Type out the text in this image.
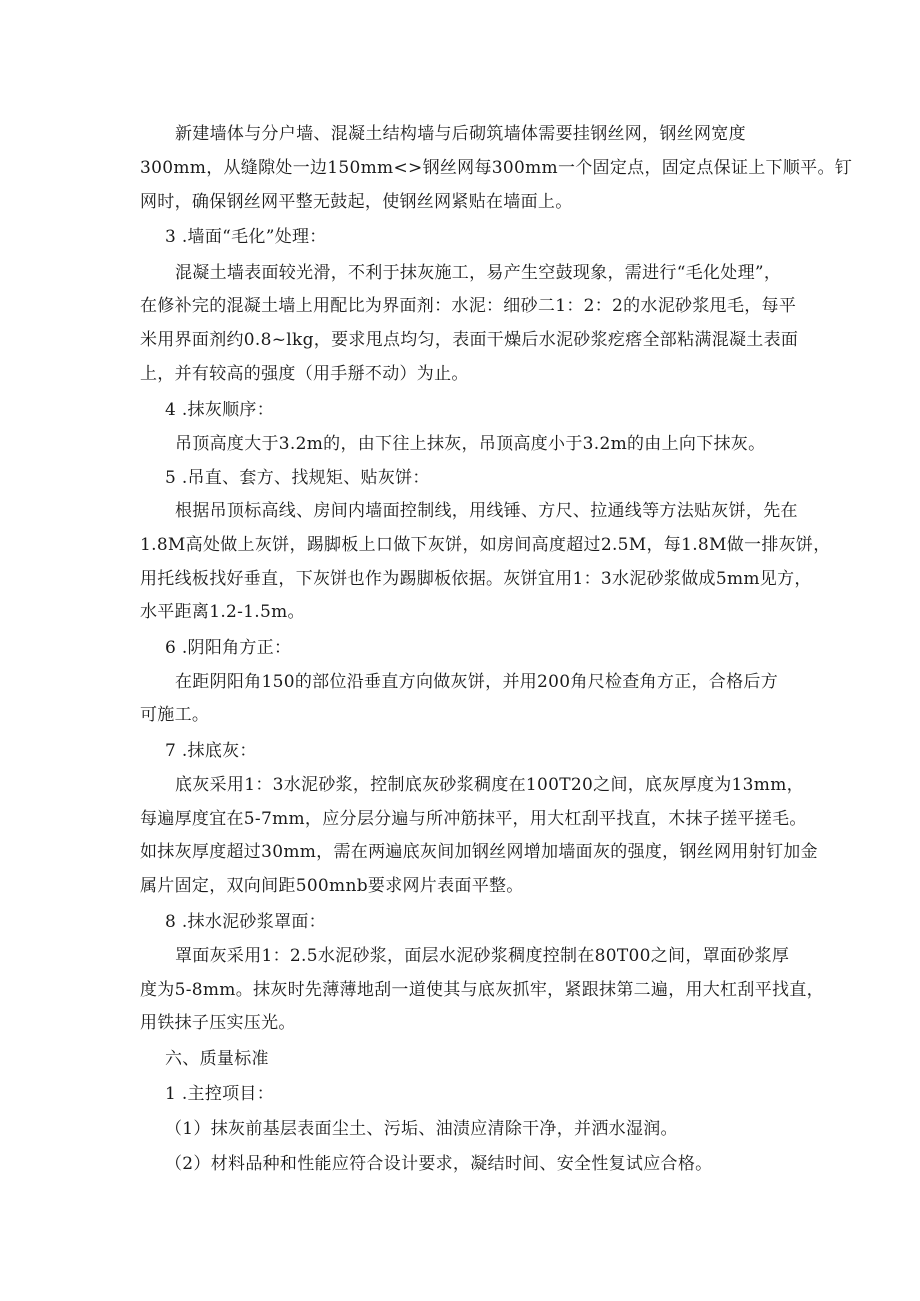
新建墙体与分户墙、混凝土结构墙与后砌筑墙体需要挂钢丝网，钢丝网宽度
300mm，从缝隙处一边150mm<>钢丝网每300mm一个固定点，固定点保证上下顺平。钉
网时，确保钢丝网平整无鼓起，使钢丝网紧贴在墙面上。
3 .墙面“毛化”处理：
混凝土墙表面较光滑，不利于抹灰施工，易产生空鼓现象，需进行“毛化处理”，
在修补完的混凝土墙上用配比为界面剂：水泥：细砂二1：2：2的水泥砂浆甩毛，每平
米用界面剂约0.8~lkg，要求甩点均匀，表面干燥后水泥砂浆疙瘩全部粘满混凝土表面
上，并有较高的强度（用手掰不动）为止。
4 .抹灰顺序：
吊顶高度大于3.2m的，由下往上抹灰，吊顶高度小于3.2m的由上向下抹灰。
5 .吊直、套方、找规矩、贴灰饼：
根据吊顶标高线、房间内墙面控制线，用线锤、方尺、拉通线等方法贴灰饼，先在
1.8M高处做上灰饼，踢脚板上口做下灰饼，如房间高度超过2.5M，每1.8M做一排灰饼，
用托线板找好垂直，下灰饼也作为踢脚板依据。灰饼宜用1：3水泥砂浆做成5mm见方，
水平距离1.2-1.5m。
6 .阴阳角方正：
在距阴阳角150的部位沿垂直方向做灰饼，并用200角尺检查角方正，合格后方
可施工。
7 .抹底灰：
底灰采用1：3水泥砂浆，控制底灰砂浆稠度在100T20之间，底灰厚度为13mm，
每遍厚度宜在5-7mm，应分层分遍与所冲筋抹平，用大杠刮平找直，木抹子搓平搓毛。
如抹灰厚度超过30mm，需在两遍底灰间加钢丝网增加墙面灰的强度，钢丝网用射钉加金
属片固定，双向间距500mnb要求网片表面平整。
8 .抹水泥砂浆罩面：
罩面灰采用1：2.5水泥砂浆，面层水泥砂浆稠度控制在80T00之间，罩面砂浆厚
度为5-8mm。抹灰时先薄薄地刮一道使其与底灰抓牢，紧跟抹第二遍，用大杠刮平找直，
用铁抹子压实压光。
六、质量标准
1 .主控项目：
（1）抹灰前基层表面尘土、污垢、油渍应清除干净，并洒水湿润。
（2）材料品种和性能应符合设计要求，凝结时间、安全性复试应合格。
